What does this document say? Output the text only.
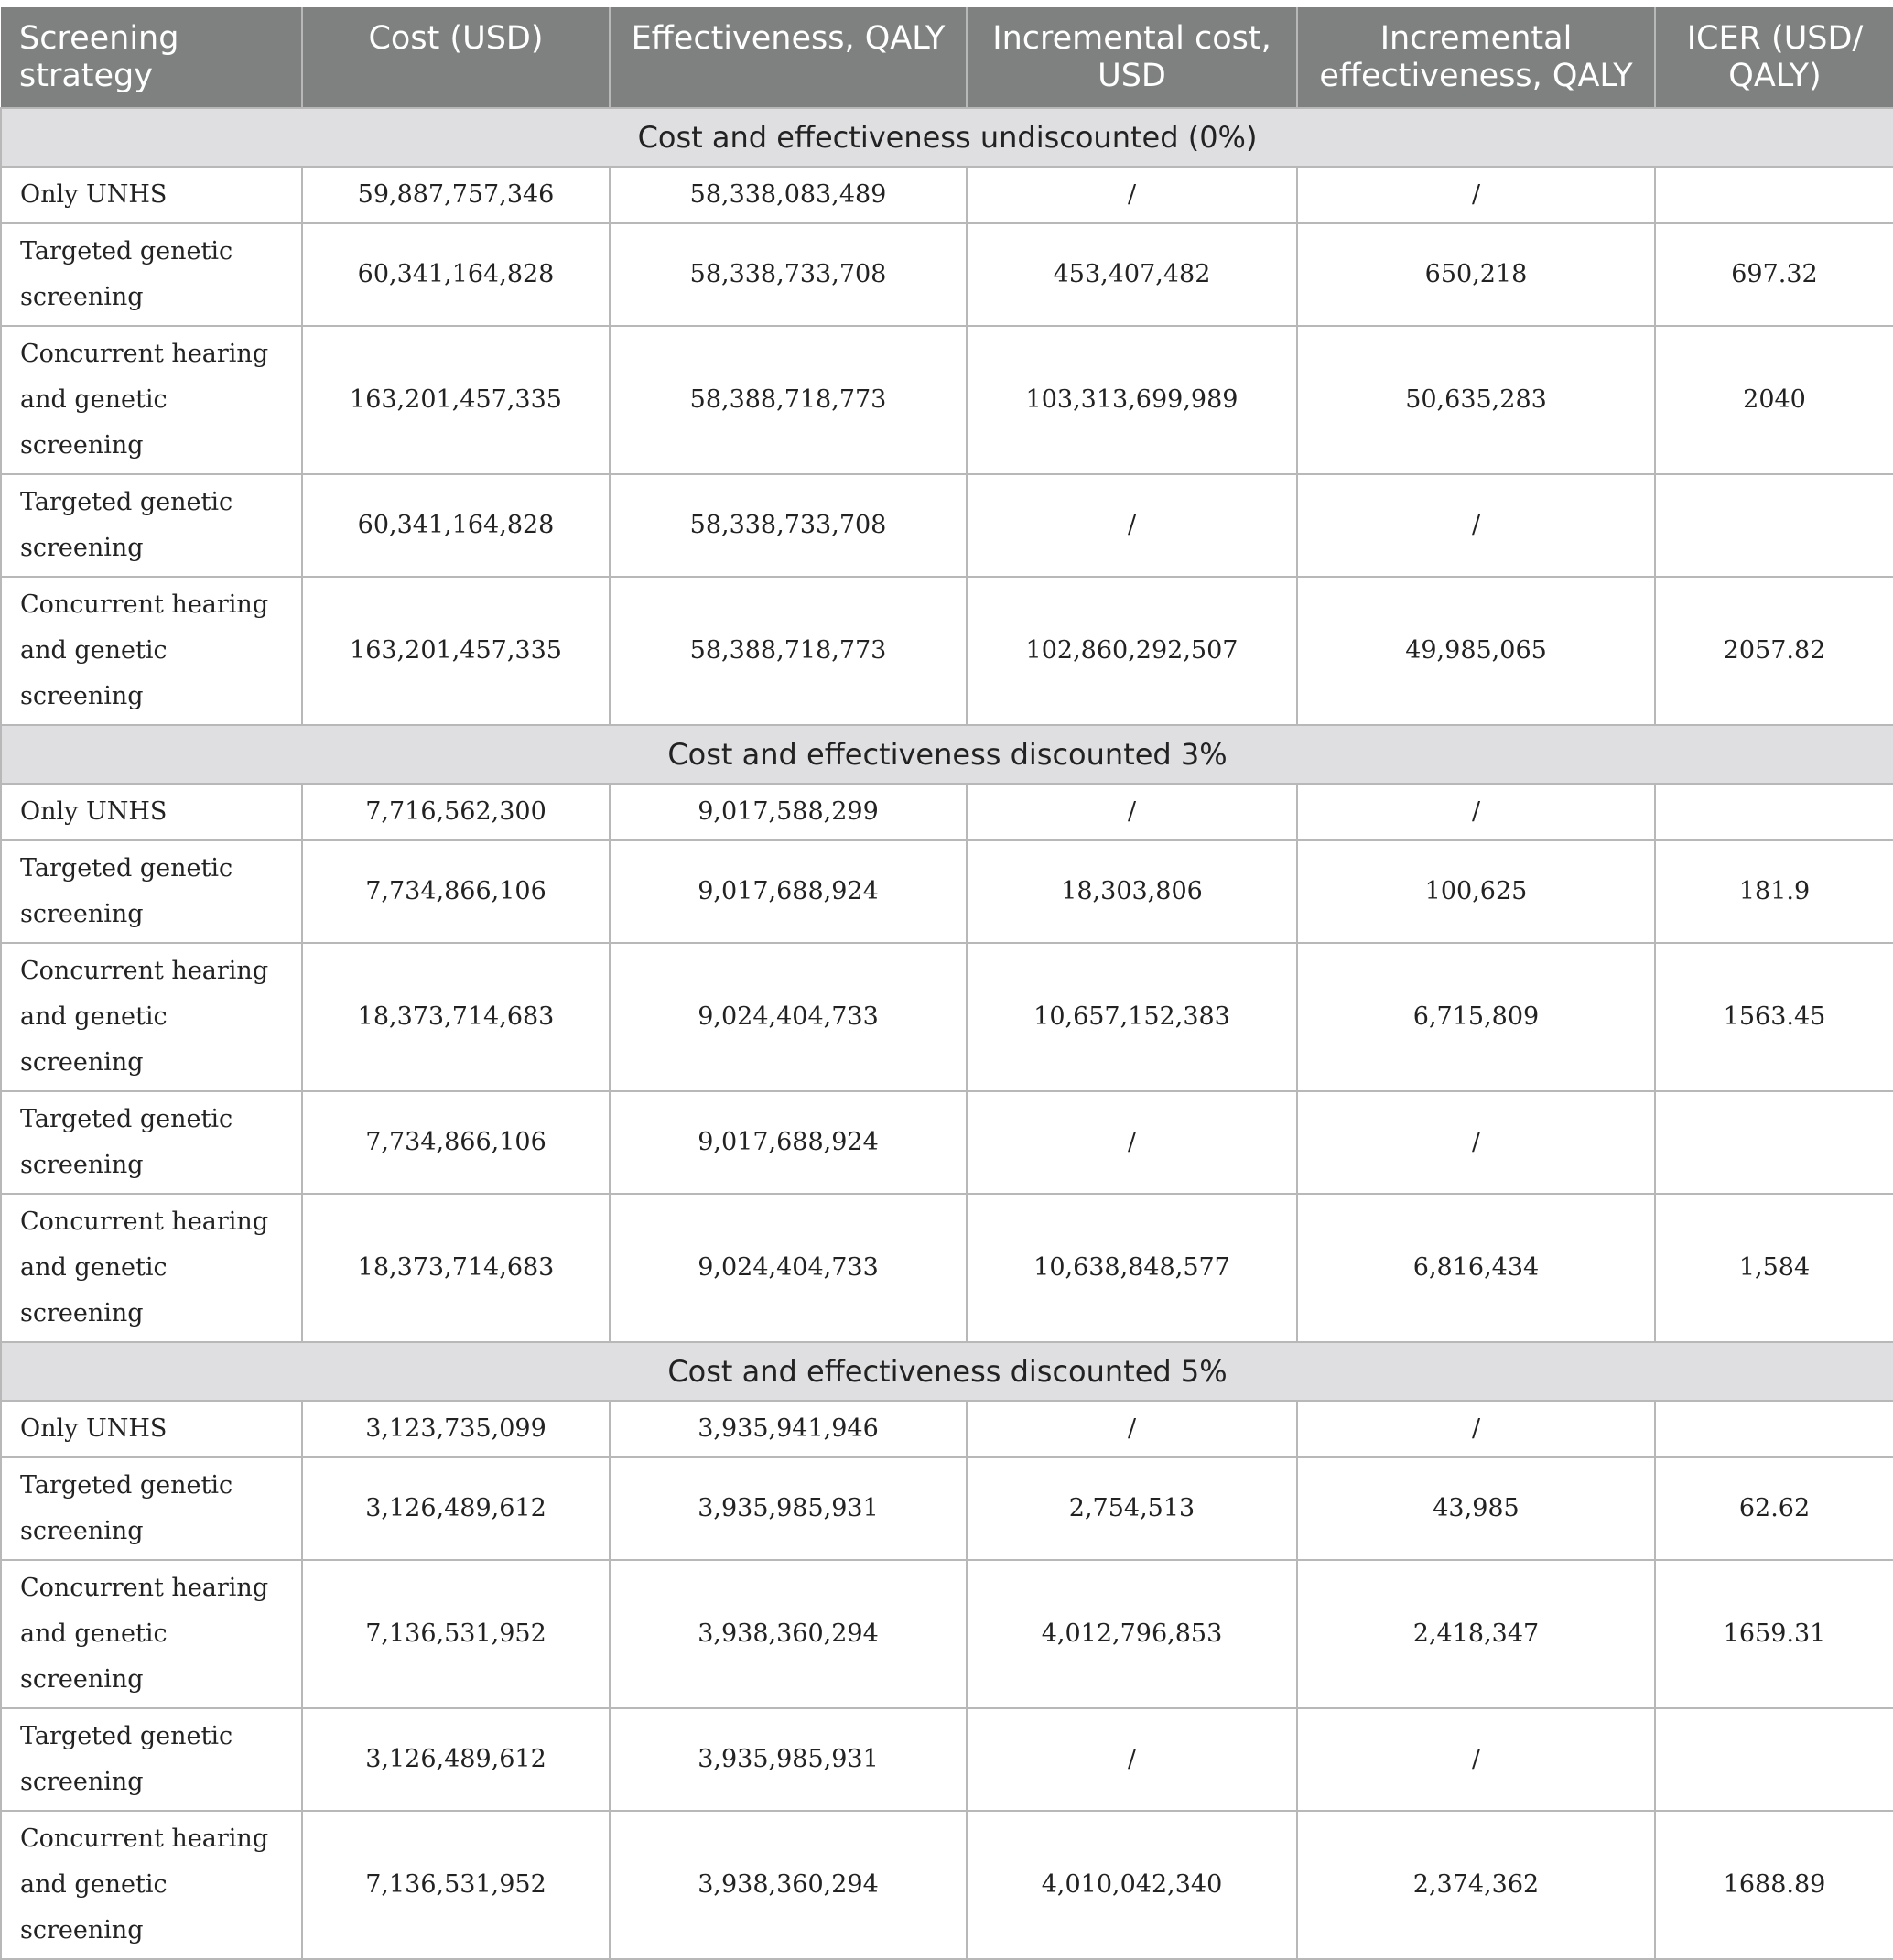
Screening strategy	Cost (USD)	Effectiveness, QALY	Incremental cost, USD	Incremental effectiveness, QALY	ICER (USD/ QALY)
Cost and effectiveness undiscounted (0%)					
Only UNHS	59,887,757,346	58,338,083,489	/	/	
Targeted genetic screening	60,341,164,828	58,338,733,708	453,407,482	650,218	697.32
Concurrent hearing and genetic screening	163,201,457,335	58,388,718,773	103,313,699,989	50,635,283	2040
Targeted genetic screening	60,341,164,828	58,338,733,708	/	/	
Concurrent hearing and genetic screening	163,201,457,335	58,388,718,773	102,860,292,507	49,985,065	2057.82
Cost and effectiveness discounted 3%					
Only UNHS	7,716,562,300	9,017,588,299	/	/	
Targeted genetic screening	7,734,866,106	9,017,688,924	18,303,806	100,625	181.9
Concurrent hearing and genetic screening	18,373,714,683	9,024,404,733	10,657,152,383	6,715,809	1563.45
Targeted genetic screening	7,734,866,106	9,017,688,924	/	/	
Concurrent hearing and genetic screening	18,373,714,683	9,024,404,733	10,638,848,577	6,816,434	1,584
Cost and effectiveness discounted 5%					
Only UNHS	3,123,735,099	3,935,941,946	/	/	
Targeted genetic screening	3,126,489,612	3,935,985,931	2,754,513	43,985	62.62
Concurrent hearing and genetic screening	7,136,531,952	3,938,360,294	4,012,796,853	2,418,347	1659.31
Targeted genetic screening	3,126,489,612	3,935,985,931	/	/	
Concurrent hearing and genetic screening	7,136,531,952	3,938,360,294	4,010,042,340	2,374,362	1688.89
